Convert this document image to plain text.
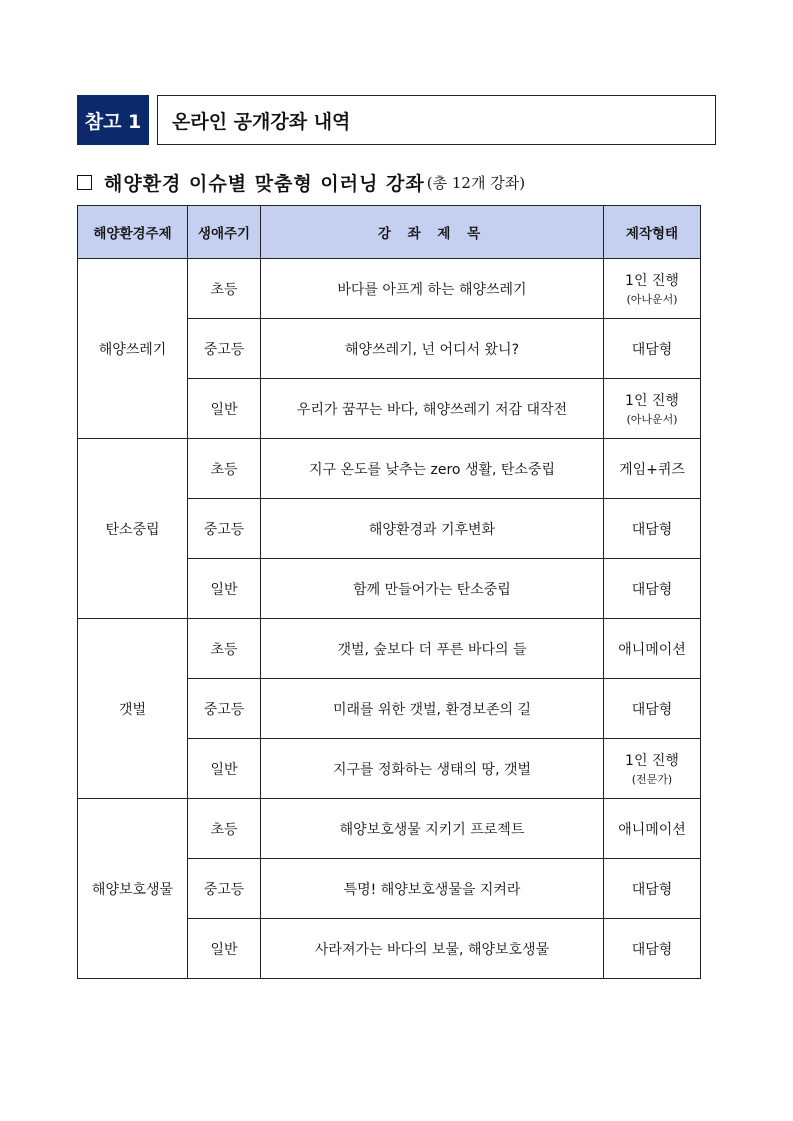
참고 1	온라인 공개강좌 내역
해양환경 이슈별 맞춤형 이러닝 강좌 (총 12개 강좌)
해양환경주제	생애주기	강 좌 제 목	제작형태
해양쓰레기	초등	바다를 아프게 하는 해양쓰레기	1인 진행
(아나운서)

	중고등	해양쓰레기, 넌 어디서 왔니?	대담형
	일반	우리가 꿈꾸는 바다, 해양쓰레기 저감 대작전	1인 진행
(아나운서)

탄소중립	초등	지구 온도를 낮추는 zero 생활, 탄소중립	게임+퀴즈
	중고등	해양환경과 기후변화	대담형
	일반	함께 만들어가는 탄소중립	대담형
갯벌	초등	갯벌, 숲보다 더 푸른 바다의 들	애니메이션
	중고등	미래를 위한 갯벌, 환경보존의 길	대담형
	일반	지구를 정화하는 생태의 땅, 갯벌	1인 진행
(전문가)

해양보호생물	초등	해양보호생물 지키기 프로젝트	애니메이션
	중고등	특명! 해양보호생물을 지켜라	대담형
	일반	사라져가는 바다의 보물, 해양보호생물	대담형
